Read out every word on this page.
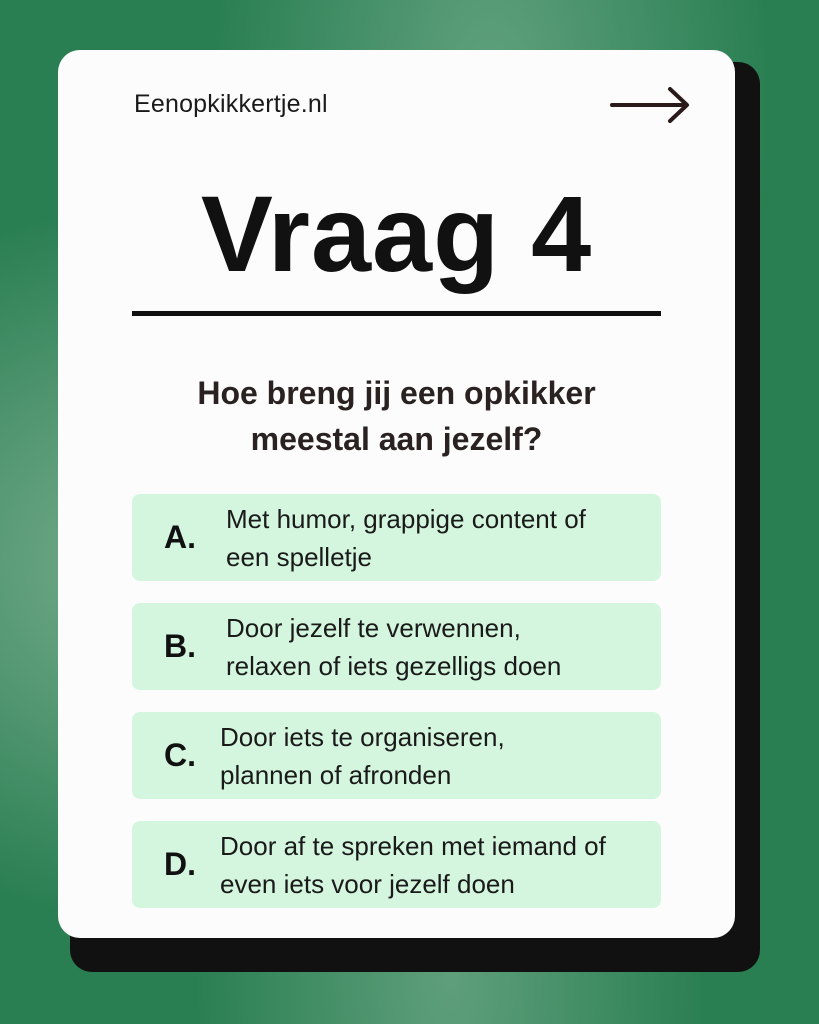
Eenopkikkertje.nl
Vraag 4
Hoe breng jij een opkikker
meestal aan jezelf?
A. Met humor, grappige content of
een spelletje
B. Door jezelf te verwennen,
relaxen of iets gezelligs doen
C. Door iets te organiseren,
plannen of afronden
D. Door af te spreken met iemand of
even iets voor jezelf doen
